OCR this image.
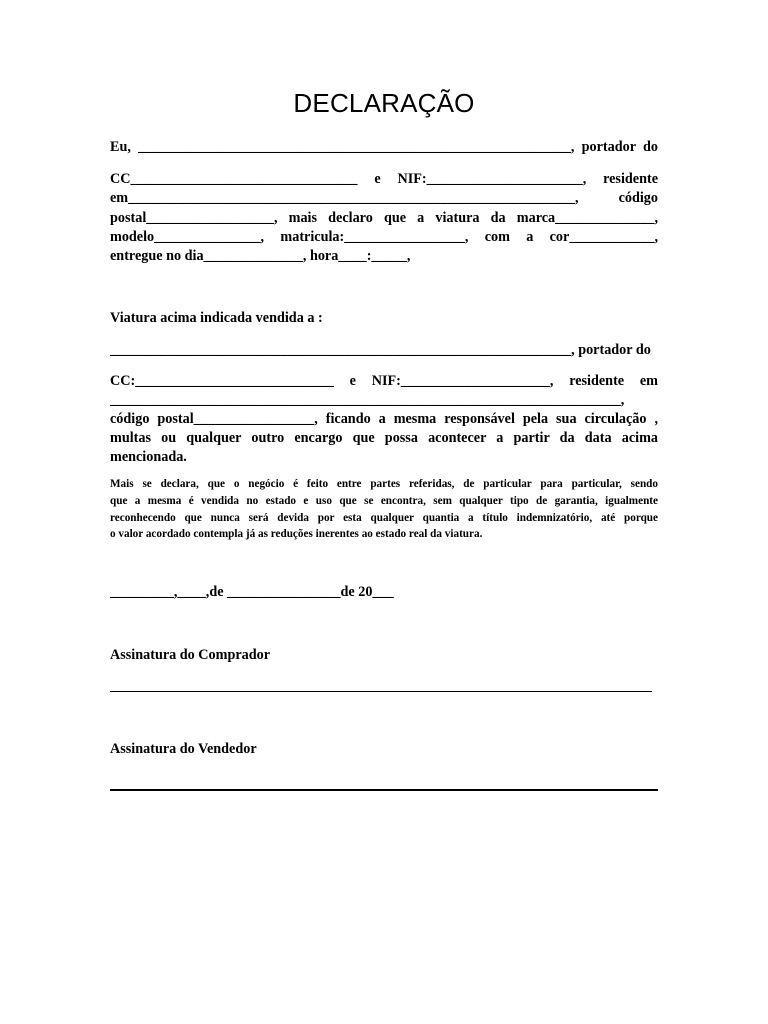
DECLARAÇÃO
Eu, _____________________________________________________________, portador do
CC________________________________ e NIF:______________________, residente
em_______________________________________________________________, código
postal__________________, mais declaro que a viatura da marca______________,
modelo_______________, matricula:_________________, com a cor____________,
entregue no dia______________, hora____:_____,
Viatura acima indicada vendida a :
_________________________________________________________________, portador do
CC:____________________________ e NIF:_____________________, residente em
________________________________________________________________________,
código postal_________________, ficando a mesma responsável pela sua circulação ,
multas ou qualquer outro encargo que possa acontecer a partir da data acima
mencionada.
Mais se declara, que o negócio é feito entre partes referidas, de particular para particular, sendo
que a mesma é vendida no estado e uso que se encontra, sem qualquer tipo de garantia, igualmente
reconhecendo que nunca será devida por esta qualquer quantia a título indemnizatório, até porque
o valor acordado contempla já as reduções inerentes ao estado real da viatura.
_________,____,de ________________de 20___
Assinatura do Comprador
Assinatura do Vendedor
